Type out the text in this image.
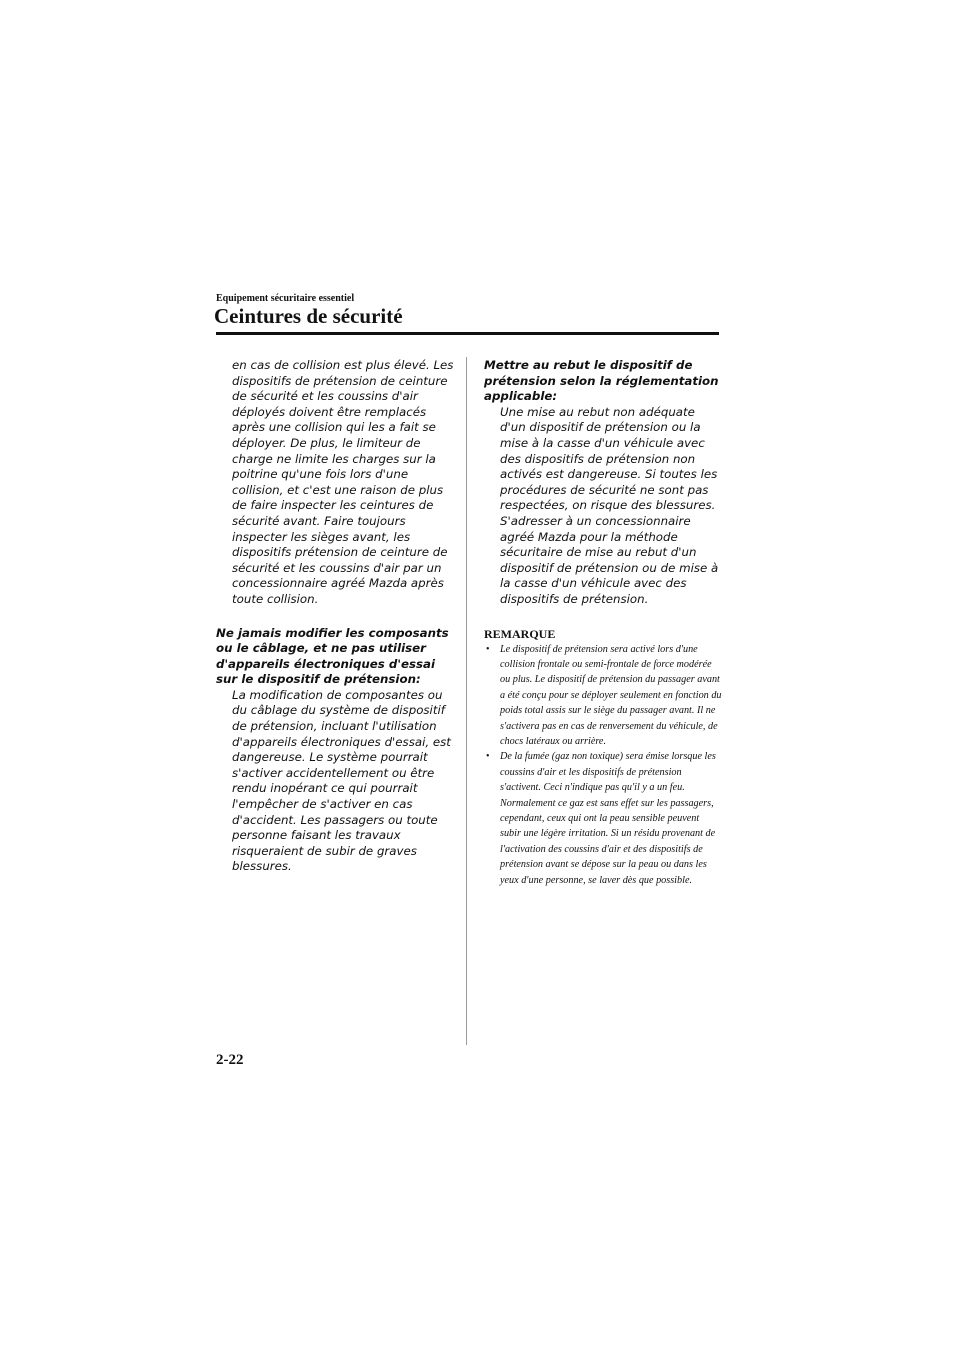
Equipement sécuritaire essentiel
Ceintures de sécurité

en cas de collision est plus élevé. Les dispositifs de prétension de ceinture de sécurité et les coussins d'air déployés doivent être remplacés après une collision qui les a fait se déployer. De plus, le limiteur de charge ne limite les charges sur la poitrine qu'une fois lors d'une collision, et c'est une raison de plus de faire inspecter les ceintures de sécurité avant. Faire toujours inspecter les sièges avant, les dispositifs prétension de ceinture de sécurité et les coussins d'air par un concessionnaire agréé Mazda après toute collision.

Ne jamais modifier les composants ou le câblage, et ne pas utiliser d'appareils électroniques d'essai sur le dispositif de prétension:

La modification de composantes ou du câblage du système de dispositif de prétension, incluant l'utilisation d'appareils électroniques d'essai, est dangereuse. Le système pourrait s'activer accidentellement ou être rendu inopérant ce qui pourrait l'empêcher de s'activer en cas d'accident. Les passagers ou toute personne faisant les travaux risqueraient de subir de graves blessures.

Mettre au rebut le dispositif de prétension selon la réglementation applicable:

Une mise au rebut non adéquate d'un dispositif de prétension ou la mise à la casse d'un véhicule avec des dispositifs de prétension non activés est dangereuse. Si toutes les procédures de sécurité ne sont pas respectées, on risque des blessures. S'adresser à un concessionnaire agréé Mazda pour la méthode sécuritaire de mise au rebut d'un dispositif de prétension ou de mise à la casse d'un véhicule avec des dispositifs de prétension.

REMARQUE

• Le dispositif de prétension sera activé lors d'une collision frontale ou semi-frontale de force modérée ou plus. Le dispositif de prétension du passager avant a été conçu pour se déployer seulement en fonction du poids total assis sur le siège du passager avant. Il ne s'activera pas en cas de renversement du véhicule, de chocs latéraux ou arrière.
• De la fumée (gaz non toxique) sera émise lorsque les coussins d'air et les dispositifs de prétension s'activent. Ceci n'indique pas qu'il y a un feu. Normalement ce gaz est sans effet sur les passagers, cependant, ceux qui ont la peau sensible peuvent subir une légère irritation. Si un résidu provenant de l'activation des coussins d'air et des dispositifs de prétension avant se dépose sur la peau ou dans les yeux d'une personne, se laver dès que possible.
2-22
